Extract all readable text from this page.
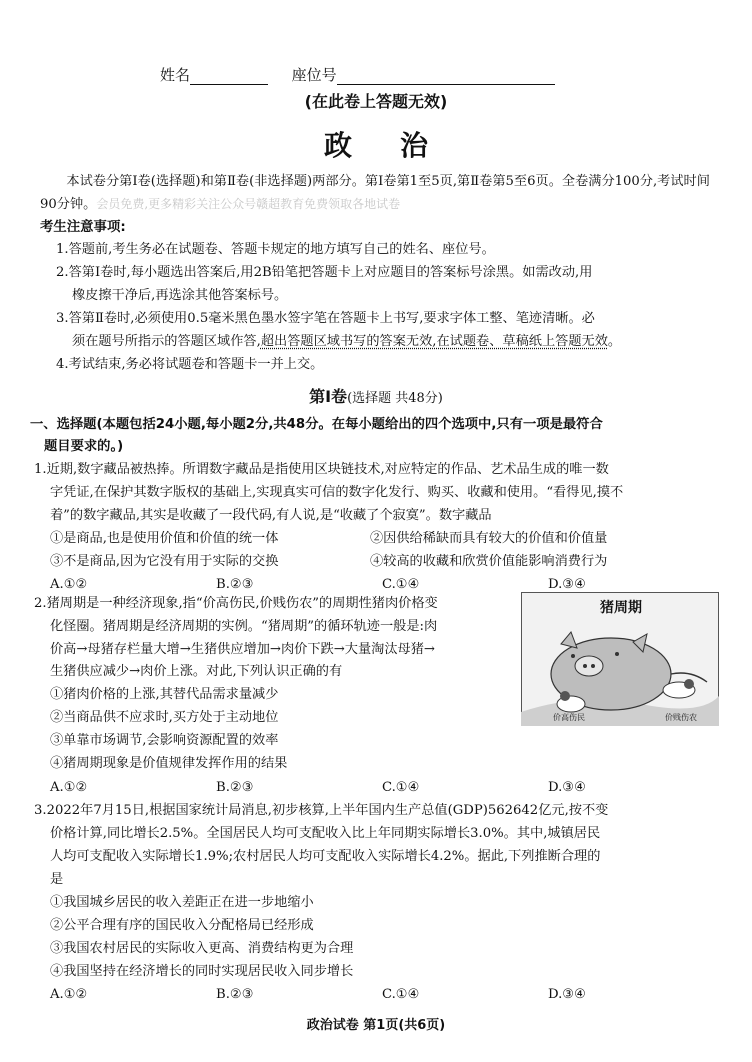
姓名	座位号
(在此卷上答题无效)
政治
本试卷分第Ⅰ卷(选择题)和第Ⅱ卷(非选择题)两部分。第Ⅰ卷第1至5页,第Ⅱ卷第5至6页。全卷满分100分,考试时间90分钟。会员免费,更多精彩关注公众号赣超教育免费领取各地试卷
考生注意事项:
1.答题前,考生务必在试题卷、答题卡规定的地方填写自己的姓名、座位号。
2.答第Ⅰ卷时,每小题选出答案后,用2B铅笔把答题卡上对应题目的答案标号涂黑。如需改动,用
橡皮擦干净后,再选涂其他答案标号。
3.答第Ⅱ卷时,必须使用0.5毫米黑色墨水签字笔在答题卡上书写,要求字体工整、笔迹清晰。必
须在题号所指示的答题区域作答,超出答题区域书写的答案无效,在试题卷、草稿纸上答题无效。
4.考试结束,务必将试题卷和答题卡一并上交。
第Ⅰ卷(选择题 共48分)
一、选择题(本题包括24小题,每小题2分,共48分。在每小题给出的四个选项中,只有一项是最符合
题目要求的。)

1.近期,数字藏品被热捧。所谓数字藏品是指使用区块链技术,对应特定的作品、艺术品生成的唯一数

字凭证,在保护其数字版权的基础上,实现真实可信的数字化发行、购买、收藏和使用。“看得见,摸不

着”的数字藏品,其实是收藏了一段代码,有人说,是“收藏了个寂寞”。数字藏品

①是商品,也是使用价值和价值的统一体	②因供给稀缺而具有较大的价值和价值量
③不是商品,因为它没有用于实际的交换	④较高的收藏和欣赏价值能影响消费行为
A.①②	B.②③	C.①④	D.③④

2.猪周期是一种经济现象,指“价高伤民,价贱伤农”的周期性猪肉价格变

化怪圈。猪周期是经济周期的实例。“猪周期”的循环轨迹一般是:肉

价高→母猪存栏量大增→生猪供应增加→肉价下跌→大量淘汰母猪→

生猪供应减少→肉价上涨。对此,下列认识正确的有

①猪肉价格的上涨,其替代品需求量减少

②当商品供不应求时,买方处于主动地位

③单靠市场调节,会影响资源配置的效率

④猪周期现象是价值规律发挥作用的结果

A.①②	B.②③	C.①④	D.③④
猪周期
价高伤民	价贱伤农

3.2022年7月15日,根据国家统计局消息,初步核算,上半年国内生产总值(GDP)562642亿元,按不变

价格计算,同比增长2.5%。全国居民人均可支配收入比上年同期实际增长3.0%。其中,城镇居民

人均可支配收入实际增长1.9%;农村居民人均可支配收入实际增长4.2%。据此,下列推断合理的

是

①我国城乡居民的收入差距正在进一步地缩小

②公平合理有序的国民收入分配格局已经形成

③我国农村居民的实际收入更高、消费结构更为合理

④我国坚持在经济增长的同时实现居民收入同步增长

A.①②	B.②③	C.①④	D.③④
政治试卷 第1页(共6页)
